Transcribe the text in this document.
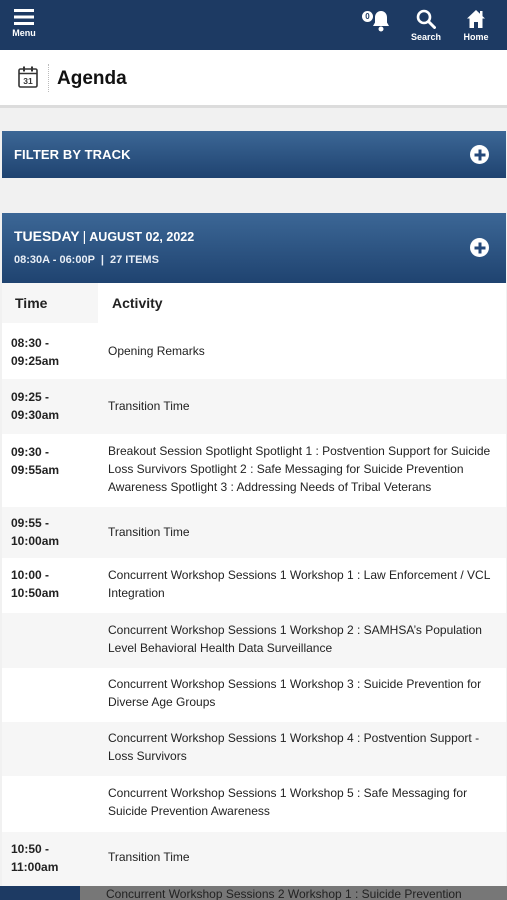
Menu
0
Search Home
31 Agenda
FILTER BY TRACK
TUESDAY | AUGUST 02, 2022
08:30A - 06:00P  |  27 ITEMS
Time	Activity
08:30 -
09:25am
Opening Remarks
09:25 -
09:30am
Transition Time
09:30 -
09:55am
Breakout Session Spotlight Spotlight 1 : Postvention Support for Suicide Loss Survivors Spotlight 2 : Safe Messaging for Suicide Prevention Awareness Spotlight 3 : Addressing Needs of Tribal Veterans
09:55 -
10:00am
Transition Time
10:00 -
10:50am
Concurrent Workshop Sessions 1 Workshop 1 : Law Enforcement / VCL Integration
Concurrent Workshop Sessions 1 Workshop 2 : SAMHSA’s Population Level Behavioral Health Data Surveillance
Concurrent Workshop Sessions 1 Workshop 3 : Suicide Prevention for Diverse Age Groups
Concurrent Workshop Sessions 1 Workshop 4 : Postvention Support - Loss Survivors
Concurrent Workshop Sessions 1 Workshop 5 : Safe Messaging for Suicide Prevention Awareness
10:50 -
11:00am
Transition Time
Concurrent Workshop Sessions 2 Workshop 1 : Suicide Prevention
